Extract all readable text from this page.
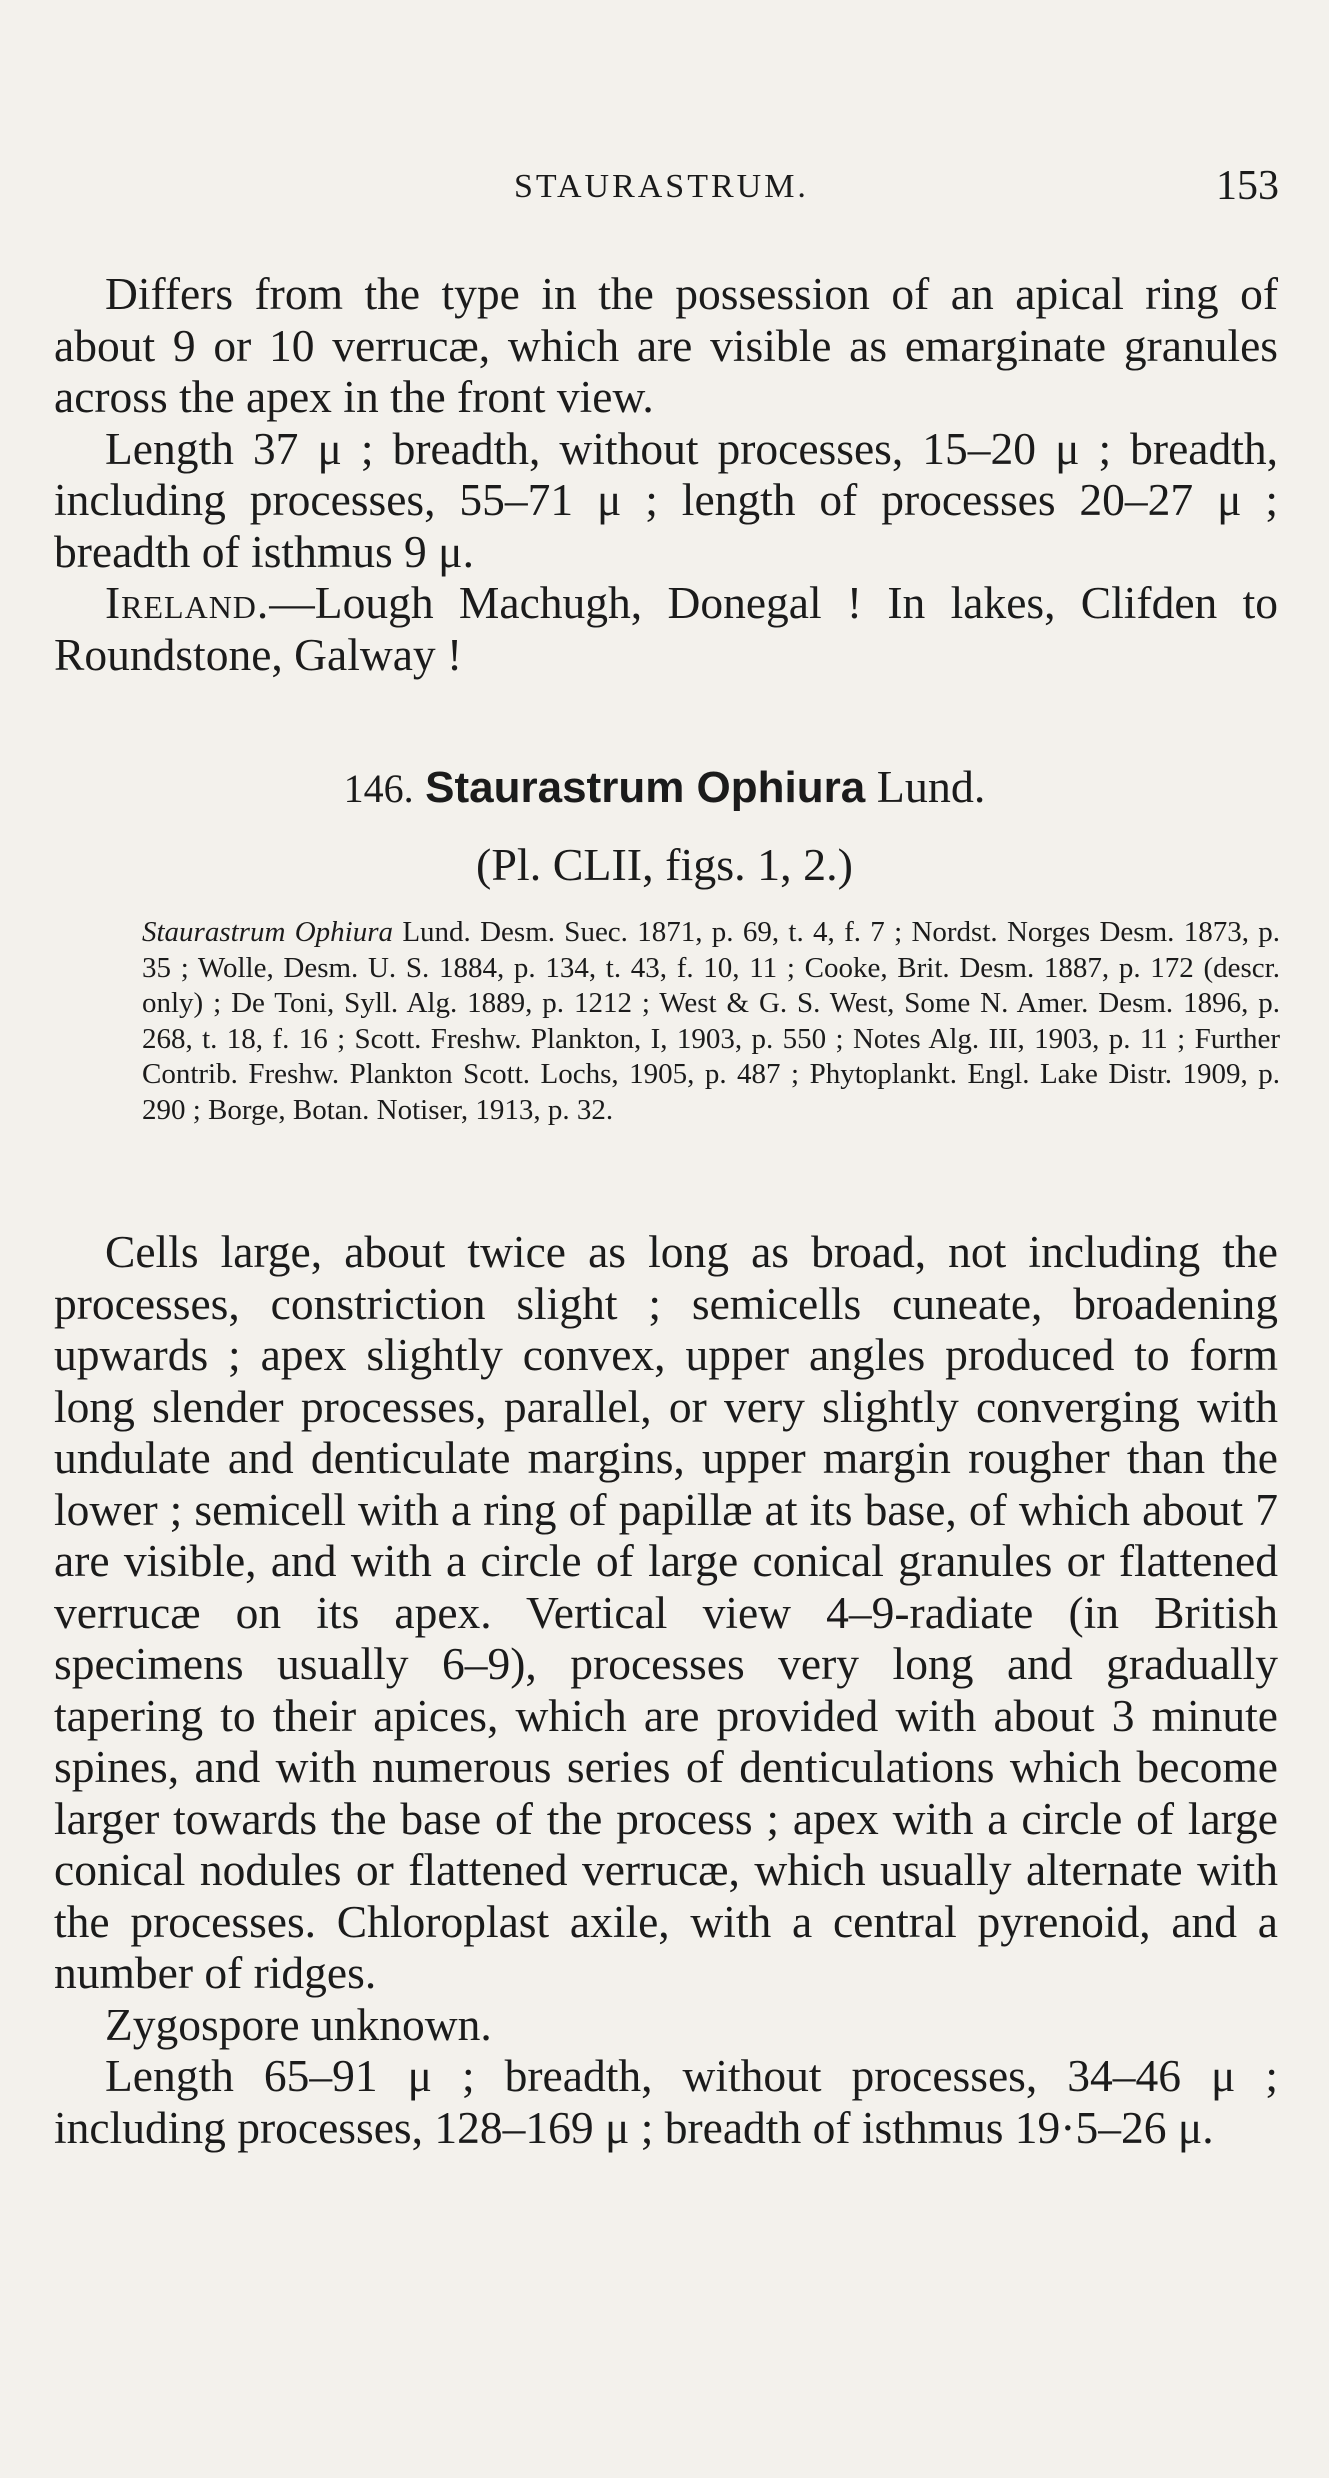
STAURASTRUM.	153

Differs from the type in the possession of an apical ring of about 9 or 10 verrucæ, which are visible as emarginate granules across the apex in the front view.

Length 37 μ ; breadth, without processes, 15–20 μ ; breadth, including processes, 55–71 μ ; length of processes 20–27 μ ; breadth of isthmus 9 μ.

Ireland.—Lough Machugh, Donegal ! In lakes, Clifden to Roundstone, Galway !

146. Staurastrum Ophiura Lund.
(Pl. CLII, figs. 1, 2.)

Staurastrum Ophiura Lund. Desm. Suec. 1871, p. 69, t. 4, f. 7 ; Nordst. Norges Desm. 1873, p. 35 ; Wolle, Desm. U. S. 1884, p. 134, t. 43, f. 10, 11 ; Cooke, Brit. Desm. 1887, p. 172 (descr. only) ; De Toni, Syll. Alg. 1889, p. 1212 ; West & G. S. West, Some N. Amer. Desm. 1896, p. 268, t. 18, f. 16 ; Scott. Freshw. Plankton, I, 1903, p. 550 ; Notes Alg. III, 1903, p. 11 ; Further Contrib. Freshw. Plankton Scott. Lochs, 1905, p. 487 ; Phytoplankt. Engl. Lake Distr. 1909, p. 290 ; Borge, Botan. Notiser, 1913, p. 32.

Cells large, about twice as long as broad, not including the processes, constriction slight ; semicells cuneate, broadening upwards ; apex slightly convex, upper angles produced to form long slender processes, parallel, or very slightly converging with undulate and denticulate margins, upper margin rougher than the lower ; semicell with a ring of papillæ at its base, of which about 7 are visible, and with a circle of large conical granules or flattened verrucæ on its apex. Vertical view 4–9-radiate (in British specimens usually 6–9), processes very long and gradually tapering to their apices, which are provided with about 3 minute spines, and with numerous series of denticulations which become larger towards the base of the process ; apex with a circle of large conical nodules or flattened verrucæ, which usually alternate with the processes. Chloroplast axile, with a central pyrenoid, and a number of ridges.

Zygospore unknown.

Length 65–91 μ ; breadth, without processes, 34–46 μ ; including processes, 128–169 μ ; breadth of isthmus 19·5–26 μ.
